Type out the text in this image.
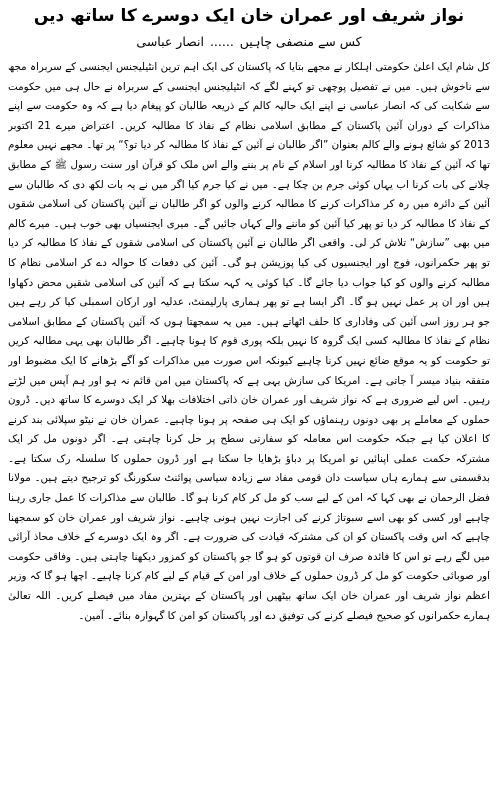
نواز شریف اور عمران خان ایک دوسرے کا ساتھ دیں
کس سے منصفی چاہیں
......
انصار عباسی

کل شام ایک اعلیٰ حکومتی اہلکار نے مجھے بتایا کہ پاکستان کی ایک اہم ترین انٹیلیجنس ایجنسی کے سربراہ مجھ سے ناخوش ہیں۔ میں نے تفصیل پوچھی تو کہنے لگے کہ انٹیلیجنس ایجنسی کے سربراہ نے حال ہی میں حکومت سے شکایت کی کہ انصار عباسی نے اپنے ایک حالیہ کالم کے ذریعہ طالبان کو پیغام دیا ہے کہ وہ حکومت سے اپنے مذاکرات کے دوران آئین پاکستان کے مطابق اسلامی نظام کے نفاذ کا مطالبہ کریں۔ اعتراض میرے 21 اکتوبر 2013 کو شائع ہونے والے کالم بعنوان ”اگر طالبان نے آئین کے نفاذ کا مطالبہ کر دیا تو؟“ پر تھا۔ مجھے نہیں معلوم تھا کہ آئین کے نفاذ کا مطالبہ کرنا اور اسلام کے نام پر بننے والے اس ملک کو قرآن اور سنت رسول ﷺ کے مطابق چلانے کی بات کرنا اب یہاں کوئی جرم بن چکا ہے۔

میں نے کیا جرم کیا اگر میں نے یہ بات لکھ دی کہ طالبان سے آئین کے دائرہ میں رہ کر مذاکرات کرنے کا مطالبہ کرنے والوں کو اگر طالبان نے آئین پاکستان کی اسلامی شقوں کے نفاذ کا مطالبہ کر دیا تو پھر کیا آئین کو ماننے والے کہاں جائیں گے۔ میری ایجنسیاں بھی خوب ہیں۔ میرے کالم میں بھی ”سازش“ تلاش کر لی۔ واقعی اگر طالبان نے آئین پاکستان کی اسلامی شقوں کے نفاذ کا مطالبہ کر دیا تو پھر حکمرانوں، فوج اور ایجنسیوں کی کیا پوزیشن ہو گی۔ آئین کی دفعات کا حوالہ دے کر اسلامی نظام کا مطالبہ کرنے والوں کو کیا جواب دیا جائے گا۔ کیا کوئی یہ کہہ سکتا ہے کہ آئین کی اسلامی شقیں محض دکھاوا ہیں اور ان پر عمل نہیں ہو گا۔ اگر ایسا ہے تو پھر ہماری پارلیمنٹ، عدلیہ اور ارکان اسمبلی کیا کر رہے ہیں جو ہر روز اسی آئین کی وفاداری کا حلف اٹھاتے ہیں۔

میں یہ سمجھتا ہوں کہ آئین پاکستان کے مطابق اسلامی نظام کے نفاذ کا مطالبہ کسی ایک گروہ کا نہیں بلکہ پوری قوم کا ہونا چاہیے۔ اگر طالبان بھی یہی مطالبہ کریں تو حکومت کو یہ موقع ضائع نہیں کرنا چاہیے کیونکہ اس صورت میں مذاکرات کو آگے بڑھانے کا ایک مضبوط اور متفقہ بنیاد میسر آ جاتی ہے۔ امریکا کی سازش یہی ہے کہ پاکستان میں امن قائم نہ ہو اور ہم آپس میں لڑتے رہیں۔ اس لیے ضروری ہے کہ نواز شریف اور عمران خان ذاتی اختلافات بھلا کر ایک دوسرے کا ساتھ دیں۔

ڈرون حملوں کے معاملے پر بھی دونوں رہنماؤں کو ایک ہی صفحہ پر ہونا چاہیے۔ عمران خان نے نیٹو سپلائی بند کرنے کا اعلان کیا ہے جبکہ حکومت اس معاملہ کو سفارتی سطح پر حل کرنا چاہتی ہے۔ اگر دونوں مل کر ایک مشترکہ حکمت عملی اپنائیں تو امریکا پر دباؤ بڑھایا جا سکتا ہے اور ڈرون حملوں کا سلسلہ رک سکتا ہے۔ بدقسمتی سے ہمارے ہاں سیاست دان قومی مفاد سے زیادہ سیاسی پوائنٹ سکورنگ کو ترجیح دیتے ہیں۔ مولانا فضل الرحمان نے بھی کہا کہ امن کے لیے سب کو مل کر کام کرنا ہو گا۔ طالبان سے مذاکرات کا عمل جاری رہنا چاہیے اور کسی کو بھی اسے سبوتاژ کرنے کی اجازت نہیں ہونی چاہیے۔

نواز شریف اور عمران خان کو سمجھنا چاہیے کہ اس وقت پاکستان کو ان کی مشترکہ قیادت کی ضرورت ہے۔ اگر وہ ایک دوسرے کے خلاف محاذ آرائی میں لگے رہے تو اس کا فائدہ صرف ان قوتوں کو ہو گا جو پاکستان کو کمزور دیکھنا چاہتی ہیں۔ وفاقی حکومت اور صوبائی حکومت کو مل کر ڈرون حملوں کے خلاف اور امن کے قیام کے لیے کام کرنا چاہیے۔ اچھا ہو گا کہ وزیر اعظم نواز شریف اور عمران خان ایک ساتھ بیٹھیں اور پاکستان کے بہترین مفاد میں فیصلے کریں۔ اللہ تعالیٰ ہمارے حکمرانوں کو صحیح فیصلے کرنے کی توفیق دے اور پاکستان کو امن کا گہوارہ بنائے۔ آمین۔
